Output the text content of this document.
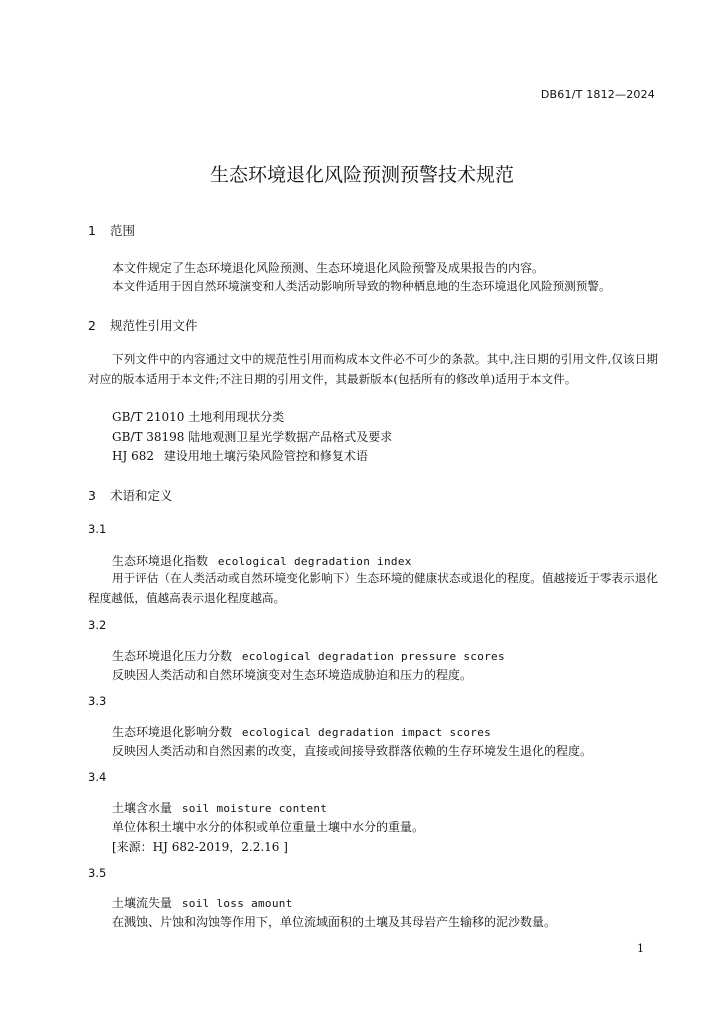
DB61/T 1812—2024
生态环境退化风险预测预警技术规范
1 范围
本文件规定了生态环境退化风险预测、生态环境退化风险预警及成果报告的内容。
本文件适用于因自然环境演变和人类活动影响所导致的物种栖息地的生态环境退化风险预测预警。
2 规范性引用文件
下列文件中的内容通过文中的规范性引用而构成本文件必不可少的条款。其中,注日期的引用文件,仅该日期对应的版本适用于本文件;不注日期的引用文件，其最新版本(包括所有的修改单)适用于本文件。
GB/T 21010 土地利用现状分类
GB/T 38198 陆地观测卫星光学数据产品格式及要求
HJ 682 建设用地土壤污染风险管控和修复术语
3 术语和定义
3.1
生态环境退化指数 ecological degradation index
用于评估（在人类活动或自然环境变化影响下）生态环境的健康状态或退化的程度。值越接近于零表示退化程度越低，值越高表示退化程度越高。
3.2
生态环境退化压力分数 ecological degradation pressure scores
反映因人类活动和自然环境演变对生态环境造成胁迫和压力的程度。
3.3
生态环境退化影响分数 ecological degradation impact scores
反映因人类活动和自然因素的改变，直接或间接导致群落依赖的生存环境发生退化的程度。
3.4
土壤含水量 soil moisture content
单位体积土壤中水分的体积或单位重量土壤中水分的重量。
[来源：HJ 682-2019，2.2.16 ]
3.5
土壤流失量 soil loss amount
在溅蚀、片蚀和沟蚀等作用下，单位流域面积的土壤及其母岩产生输移的泥沙数量。
1
